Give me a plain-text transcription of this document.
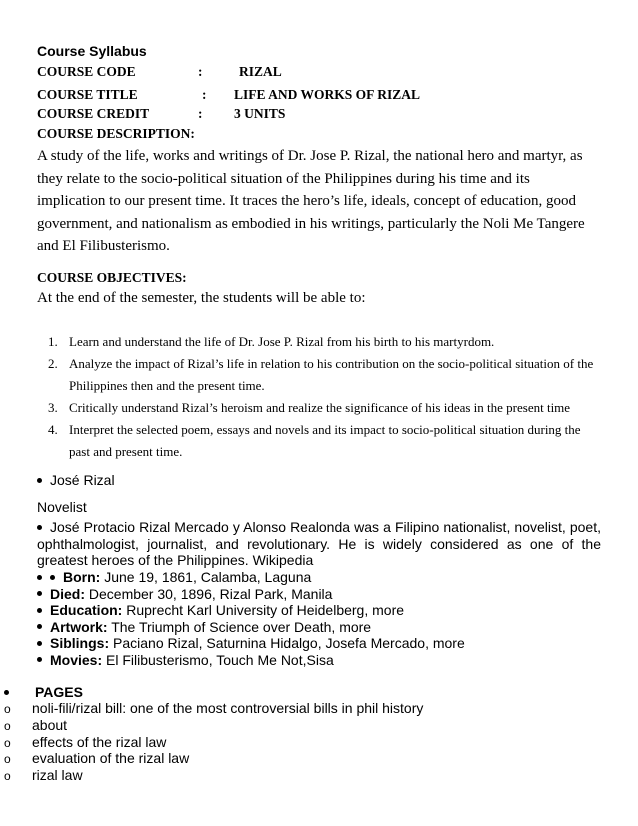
Course Syllabus
COURSE CODE	:	RIZAL
COURSE TITLE	: LIFE AND WORKS OF RIZAL
COURSE CREDIT	: 3 UNITS
COURSE DESCRIPTION:
A study of the life, works and writings of Dr. Jose P. Rizal, the national hero and martyr, as they relate to the socio-political situation of the Philippines during his time and its implication to our present time. It traces the hero’s life, ideals, concept of education, good government, and nationalism as embodied in his writings, particularly the Noli Me Tangere and El Filibusterismo.
COURSE OBJECTIVES:
At the end of the semester, the students will be able to:
1. Learn and understand the life of Dr. Jose P. Rizal from his birth to his martyrdom.
2. Analyze the impact of Rizal’s life in relation to his contribution on the socio-political situation of the Philippines then and the present time.
3. Critically understand Rizal’s heroism and realize the significance of his ideas in the present time
4. Interpret the selected poem, essays and novels and its impact to socio-political situation during the past and present time.
José Rizal
Novelist
José Protacio Rizal Mercado y Alonso Realonda was a Filipino nationalist, novelist, poet, ophthalmologist, journalist, and revolutionary. He is widely considered as one of the greatest heroes of the Philippines. Wikipedia
Born: June 19, 1861, Calamba, Laguna
Died: December 30, 1896, Rizal Park, Manila
Education: Ruprecht Karl University of Heidelberg, more
Artwork: The Triumph of Science over Death, more
Siblings: Paciano Rizal, Saturnina Hidalgo, Josefa Mercado, more
Movies: El Filibusterismo, Touch Me Not,Sisa
PAGES
o noli-fili/rizal bill: one of the most controversial bills in phil history
o about
o effects of the rizal law
o evaluation of the rizal law
o rizal law
